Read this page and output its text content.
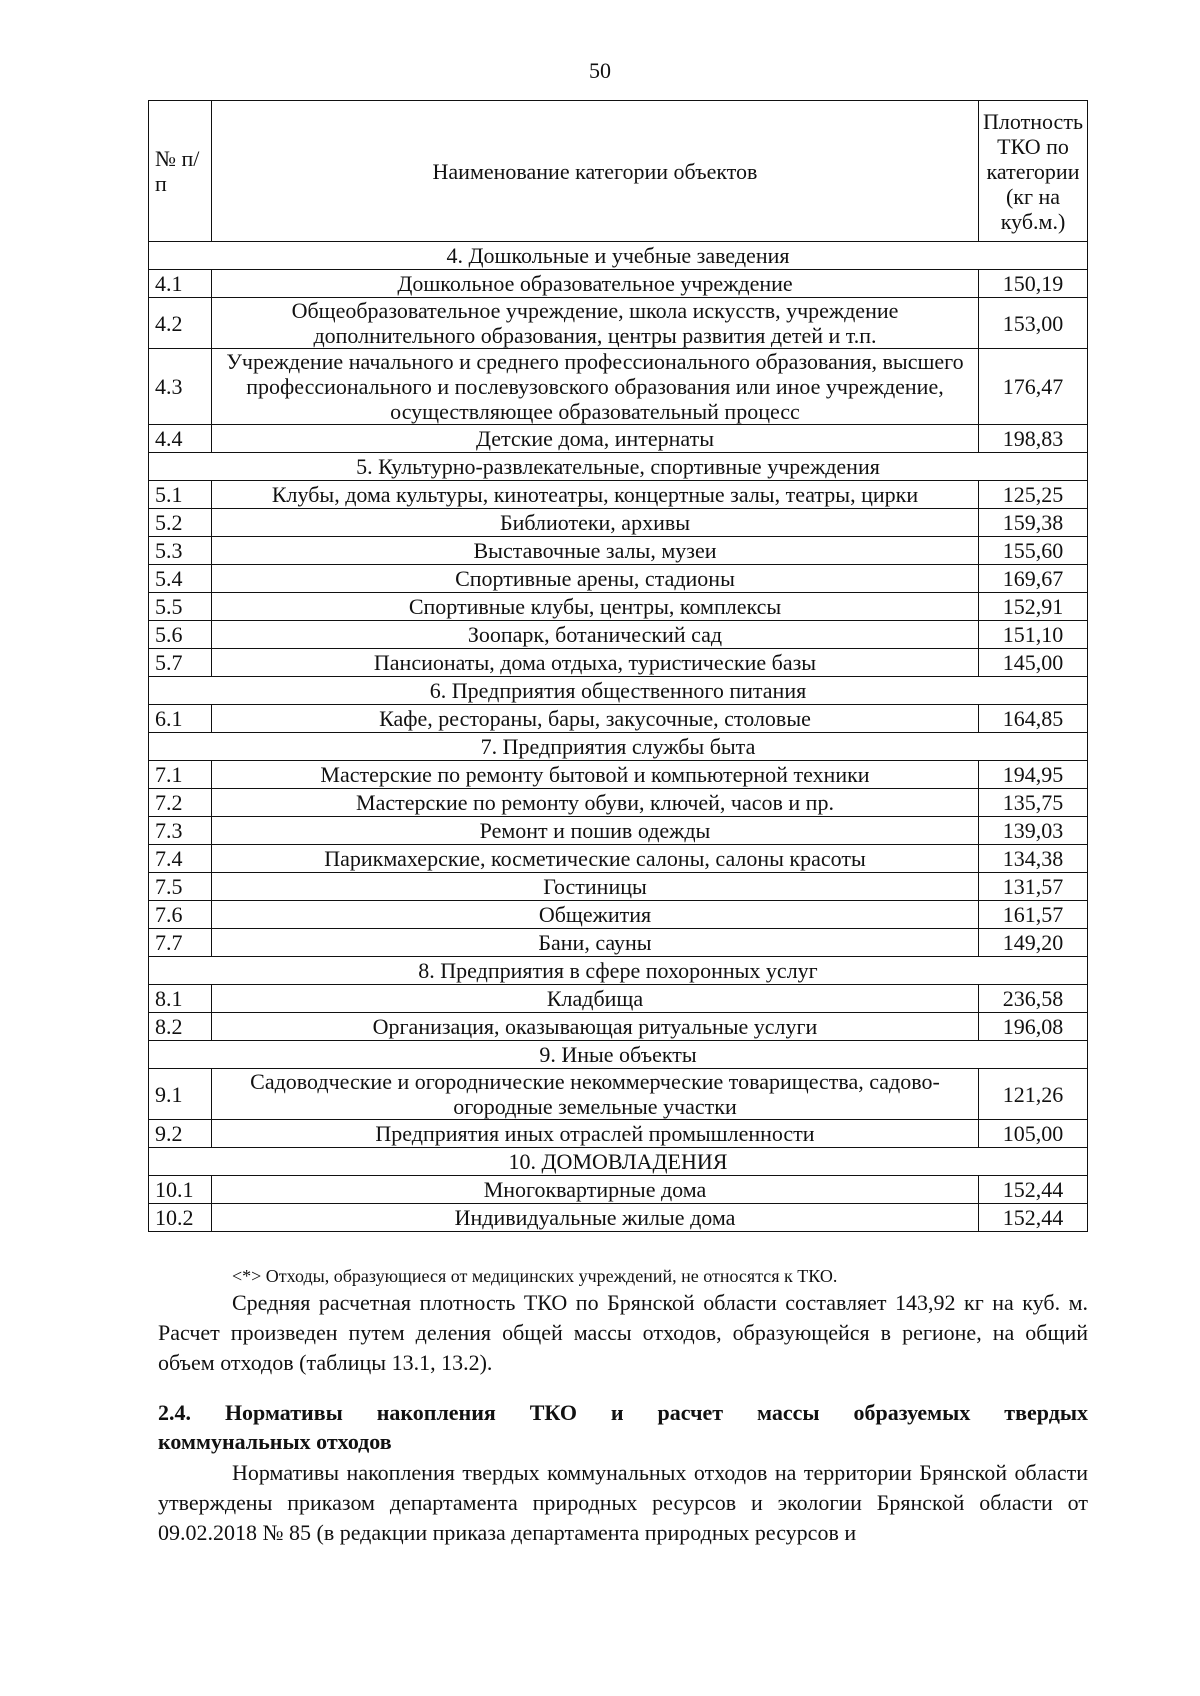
50
№ п/п	Наименование категории объектов	Плотность ТКО по категории (кг на куб.м.)
4. Дошкольные и учебные заведения		
4.1	Дошкольное образовательное учреждение	150,19
4.2	Общеобразовательное учреждение, школа искусств, учреждение дополнительного образования, центры развития детей и т.п.	153,00
4.3	Учреждение начального и среднего профессионального образования, высшего профессионального и послевузовского образования или иное учреждение, осуществляющее образовательный процесс	176,47
4.4	Детские дома, интернаты	198,83
5. Культурно-развлекательные, спортивные учреждения		
5.1	Клубы, дома культуры, кинотеатры, концертные залы, театры, цирки	125,25
5.2	Библиотеки, архивы	159,38
5.3	Выставочные залы, музеи	155,60
5.4	Спортивные арены, стадионы	169,67
5.5	Спортивные клубы, центры, комплексы	152,91
5.6	Зоопарк, ботанический сад	151,10
5.7	Пансионаты, дома отдыха, туристические базы	145,00
6. Предприятия общественного питания		
6.1	Кафе, рестораны, бары, закусочные, столовые	164,85
7. Предприятия службы быта		
7.1	Мастерские по ремонту бытовой и компьютерной техники	194,95
7.2	Мастерские по ремонту обуви, ключей, часов и пр.	135,75
7.3	Ремонт и пошив одежды	139,03
7.4	Парикмахерские, косметические салоны, салоны красоты	134,38
7.5	Гостиницы	131,57
7.6	Общежития	161,57
7.7	Бани, сауны	149,20
8. Предприятия в сфере похоронных услуг		
8.1	Кладбища	236,58
8.2	Организация, оказывающая ритуальные услуги	196,08
9. Иные объекты		
9.1	Садоводческие и огороднические некоммерческие товарищества, садово-огородные земельные участки	121,26
9.2	Предприятия иных отраслей промышленности	105,00
10. ДОМОВЛАДЕНИЯ		
10.1	Многоквартирные дома	152,44
10.2	Индивидуальные жилые дома	152,44
<*> Отходы, образующиеся от медицинских учреждений, не относятся к ТКО.
Средняя расчетная плотность ТКО по Брянской области составляет 143,92 кг на куб. м. Расчет произведен путем деления общей массы отходов, образующейся в регионе, на общий объем отходов (таблицы 13.1, 13.2).
2.4. Нормативы накопления ТКО и расчет массы образуемых твердых
коммунальных отходов
Нормативы накопления твердых коммунальных отходов на территории Брянской области утверждены приказом департамента природных ресурсов и экологии Брянской области от 09.02.2018 № 85 (в редакции приказа департамента природных ресурсов и
